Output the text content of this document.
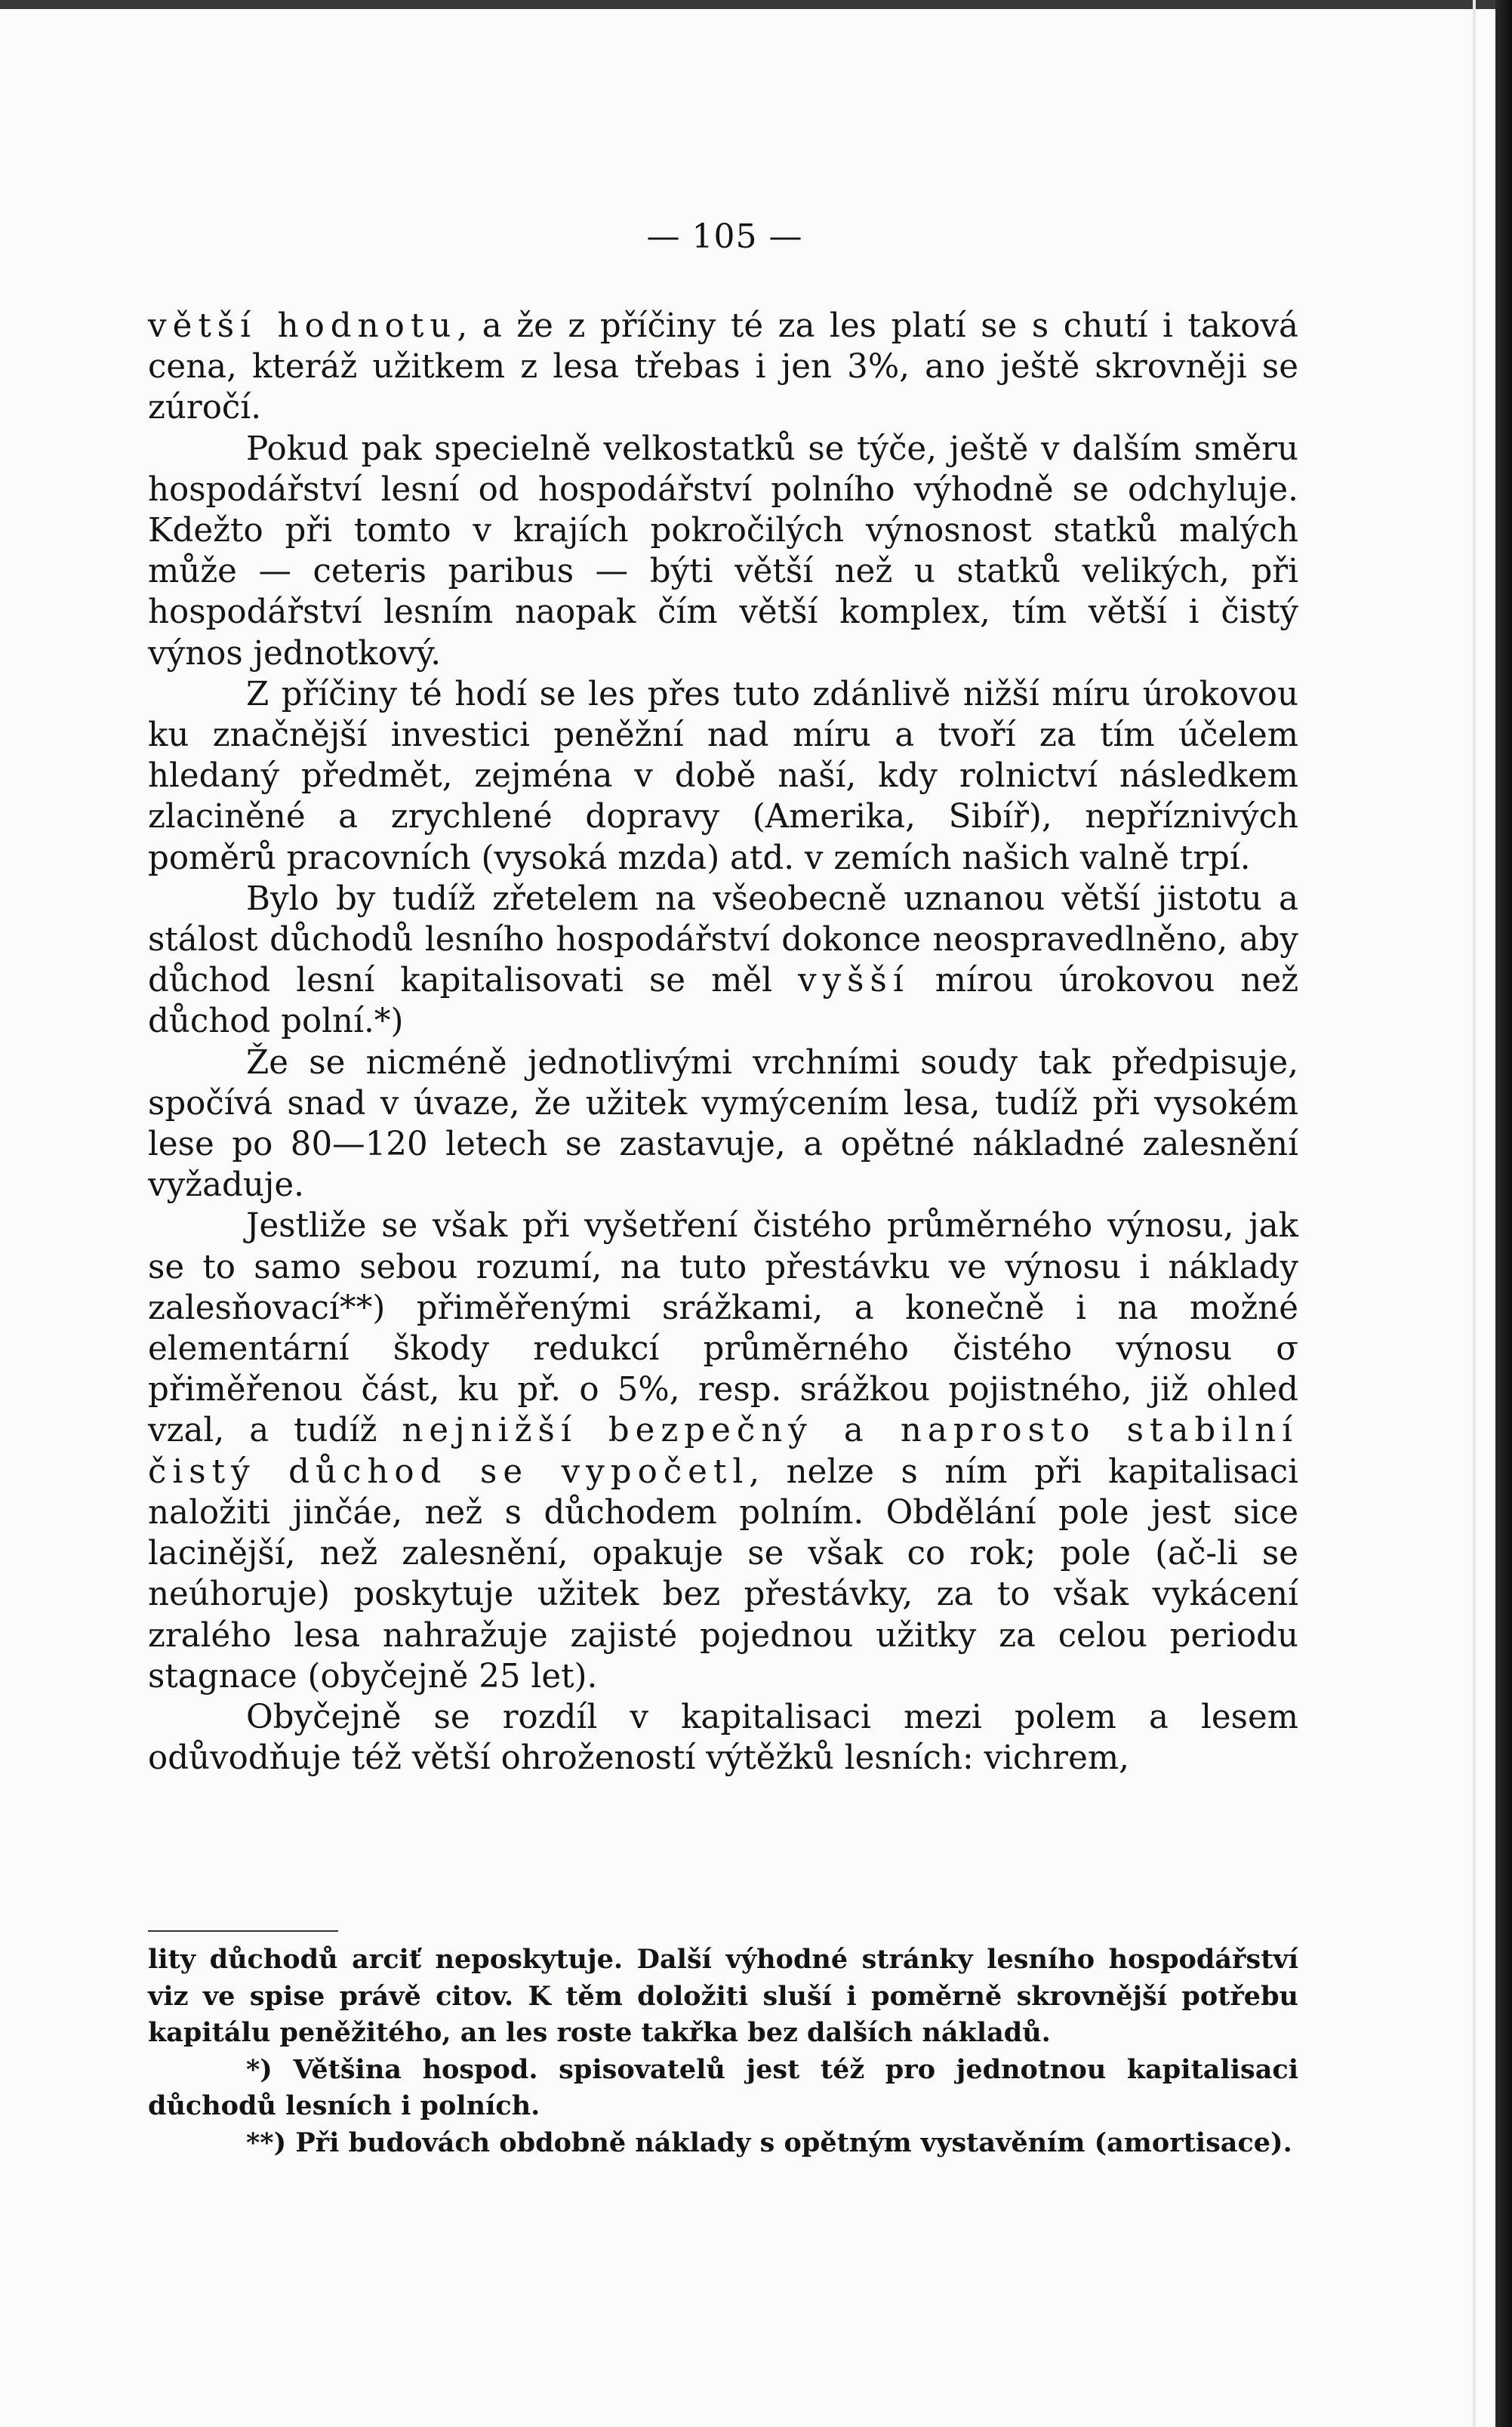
— 105 —

větší hodnotu, a že z příčiny té za les platí se s chutí i taková cena, kteráž užitkem z lesa třebas i jen 3%, ano ještě skrovněji se zúročí.

Pokud pak specielně velkostatků se týče, ještě v dalším směru hospodářství lesní od hospodářství polního výhodně se odchyluje. Kdežto při tomto v krajích pokročilých výnosnost statků malých může — ceteris paribus — býti větší než u statků velikých, při hospodářství lesním naopak čím větší komplex, tím větší i čistý výnos jednotkový.

Z příčiny té hodí se les přes tuto zdánlivě nižší míru úrokovou ku značnější investici peněžní nad míru a tvoří za tím účelem hledaný předmět, zejména v době naší, kdy rolnictví následkem zlaciněné a zrychlené dopravy (Amerika, Sibíř), nepříznivých poměrů pracovních (vysoká mzda) atd. v zemích našich valně trpí.

Bylo by tudíž zřetelem na všeobecně uznanou větší jistotu a stálost důchodů lesního hospodářství dokonce neospravedlněno, aby důchod lesní kapitalisovati se měl vyšší mírou úrokovou než důchod polní.*)

Že se nicméně jednotlivými vrchními soudy tak předpisuje, spočívá snad v úvaze, že užitek vymýcením lesa, tudíž při vysokém lese po 80—120 letech se zastavuje, a opětné nákladné zalesnění vyžaduje.

Jestliže se však při vyšetření čistého průměrného výnosu, jak se to samo sebou rozumí, na tuto přestávku ve výnosu i náklady zalesňovací**) přiměřenými srážkami, a konečně i na možné elementární škody redukcí průměrného čistého výnosu σ přiměřenou část, ku př. o 5%, resp. srážkou pojistného, již ohled vzal, a tudíž nejnižší bezpečný a naprosto stabilní čistý důchod se vypočetl, nelze s ním při kapitalisaci naložiti jinčáe, než s důchodem polním. Obdělání pole jest sice lacinější, než zalesnění, opakuje se však co rok; pole (ač-li se neúhoruje) poskytuje užitek bez přestávky, za to však vykácení zralého lesa nahražuje zajisté pojednou užitky za celou periodu stagnace (obyčejně 25 let).

Obyčejně se rozdíl v kapitalisaci mezi polem a lesem odůvodňuje též větší ohrožeností výtěžků lesních: vichrem,

lity důchodů arciť neposkytuje. Další výhodné stránky lesního hospodářství viz ve spise právě citov. K těm doložiti sluší i poměrně skrovnější potřebu kapitálu peněžitého, an les roste takřka bez dalších nákladů.

*) Většina hospod. spisovatelů jest též pro jednotnou kapitalisaci důchodů lesních i polních.

**) Při budovách obdobně náklady s opětným vystavěním (amortisace).
